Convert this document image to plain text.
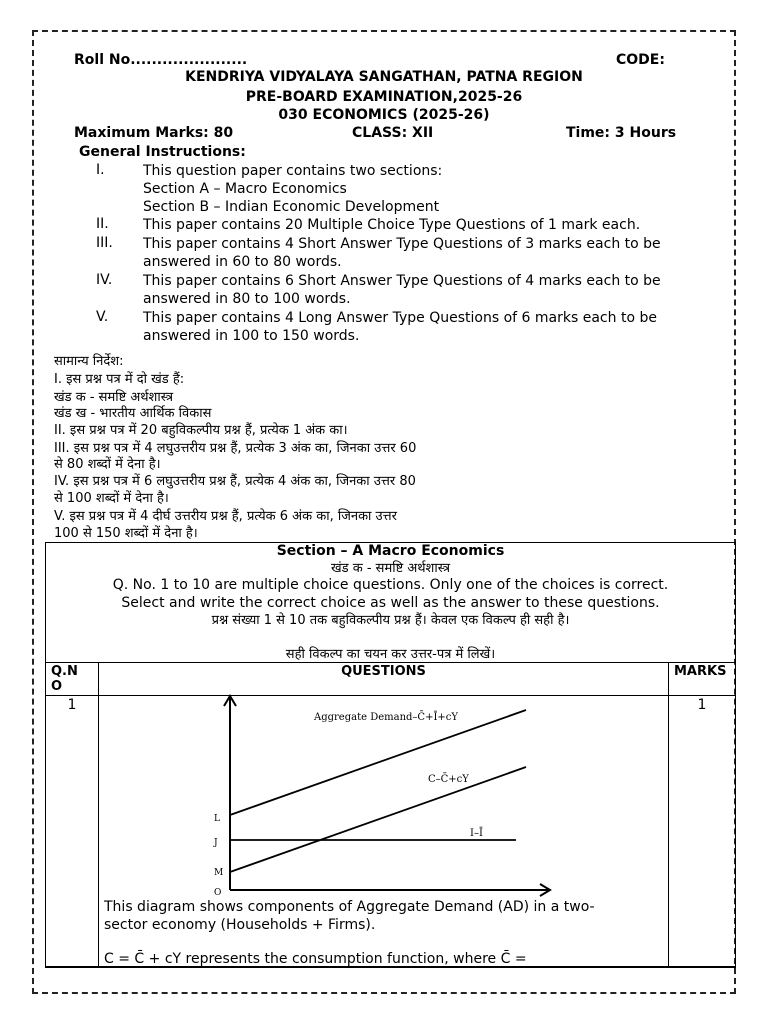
Roll No......................	CODE:
KENDRIYA VIDYALAYA SANGATHAN, PATNA REGION
PRE-BOARD EXAMINATION,2025-26
030 ECONOMICS (2025-26)
Maximum Marks: 80	CLASS: XII	Time: 3 Hours
General Instructions:
I.	This question paper contains two sections:
Section A – Macro Economics
Section B – Indian Economic Development
II. This paper contains 20 Multiple Choice Type Questions of 1 mark each.
III. This paper contains 4 Short Answer Type Questions of 3 marks each to be
answered in 60 to 80 words.
IV. This paper contains 6 Short Answer Type Questions of 4 marks each to be
answered in 80 to 100 words.
V. This paper contains 4 Long Answer Type Questions of 6 marks each to be
answered in 100 to 150 words.
सामान्य निर्देश:
I. इस प्रश्न पत्र में दो खंड हैं:
खंड क - समष्टि अर्थशास्त्र
खंड ख - भारतीय आर्थिक विकास
II. इस प्रश्न पत्र में 20 बहुविकल्पीय प्रश्न हैं, प्रत्येक 1 अंक का।
III. इस प्रश्न पत्र में 4 लघुउत्तरीय प्रश्न हैं, प्रत्येक 3 अंक का, जिनका उत्तर 60
से 80 शब्दों में देना है।
IV. इस प्रश्न पत्र में 6 लघुउत्तरीय प्रश्न हैं, प्रत्येक 4 अंक का, जिनका उत्तर 80
से 100 शब्दों में देना है।
V. इस प्रश्न पत्र में 4 दीर्घ उत्तरीय प्रश्न हैं, प्रत्येक 6 अंक का, जिनका उत्तर
100 से 150 शब्दों में देना है।
Section – A Macro Economics
खंड क - समष्टि अर्थशास्त्र
Q. No. 1 to 10 are multiple choice questions. Only one of the choices is correct.
Select and write the correct choice as well as the answer to these questions.
प्रश्न संख्या 1 से 10 तक बहुविकल्पीय प्रश्न हैं। केवल एक विकल्प ही सही है।
सही विकल्प का चयन कर उत्तर-पत्र में लिखें।
Q.N O	QUESTIONS	MARKS
1		1
Aggregate Demand–C̄+Ī+cY
C–C̄+cY
I–Ī
L
J
M
O
This diagram shows components of Aggregate Demand (AD) in a two-
sector economy (Households + Firms).
C = C̄ + cY represents the consumption function, where C̄ =
